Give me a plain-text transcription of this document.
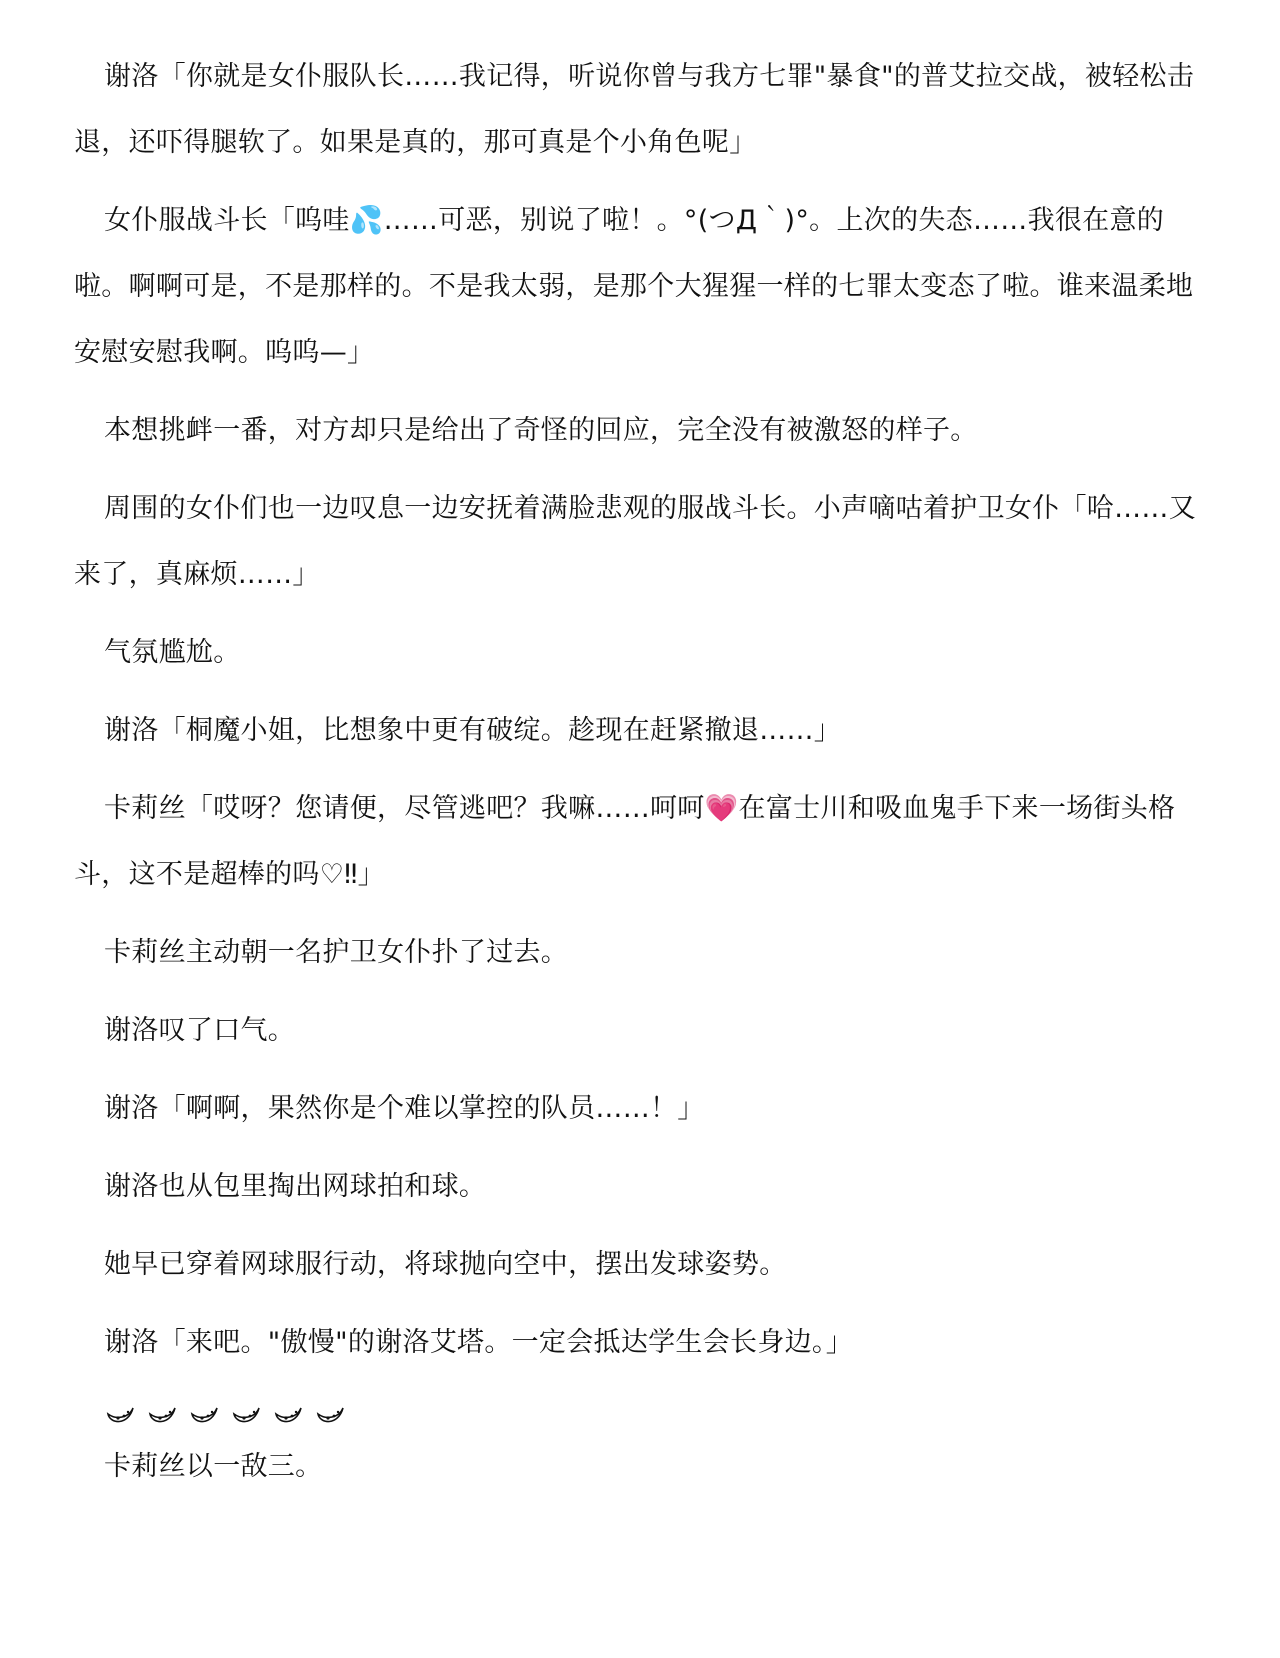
谢洛「你就是女仆服队长……我记得，听说你曾与我方七罪"暴食"的普艾拉交战，被轻松击退，还吓得腿软了。如果是真的，那可真是个小角色呢」

女仆服战斗长「呜哇💦……可恶，别说了啦！。°(つД｀)°。上次的失态……我很在意的啦。啊啊可是，不是那样的。不是我太弱，是那个大猩猩一样的七罪太变态了啦。谁来温柔地安慰安慰我啊。呜呜—」

本想挑衅一番，对方却只是给出了奇怪的回应，完全没有被激怒的样子。

周围的女仆们也一边叹息一边安抚着满脸悲观的服战斗长。小声嘀咕着护卫女仆「哈……又来了，真麻烦……」

气氛尴尬。

谢洛「桐魔小姐，比想象中更有破绽。趁现在赶紧撤退……」

卡莉丝「哎呀？您请便，尽管逃吧？我嘛……呵呵💗在富士川和吸血鬼手下来一场街头格斗，这不是超棒的吗♡‼」

卡莉丝主动朝一名护卫女仆扑了过去。

谢洛叹了口气。

谢洛「啊啊，果然你是个难以掌控的队员……！」

谢洛也从包里掏出网球拍和球。

她早已穿着网球服行动，将球抛向空中，摆出发球姿势。

谢洛「来吧。"傲慢"的谢洛艾塔。一定会抵达学生会长身边。」

卡莉丝以一敌三。
